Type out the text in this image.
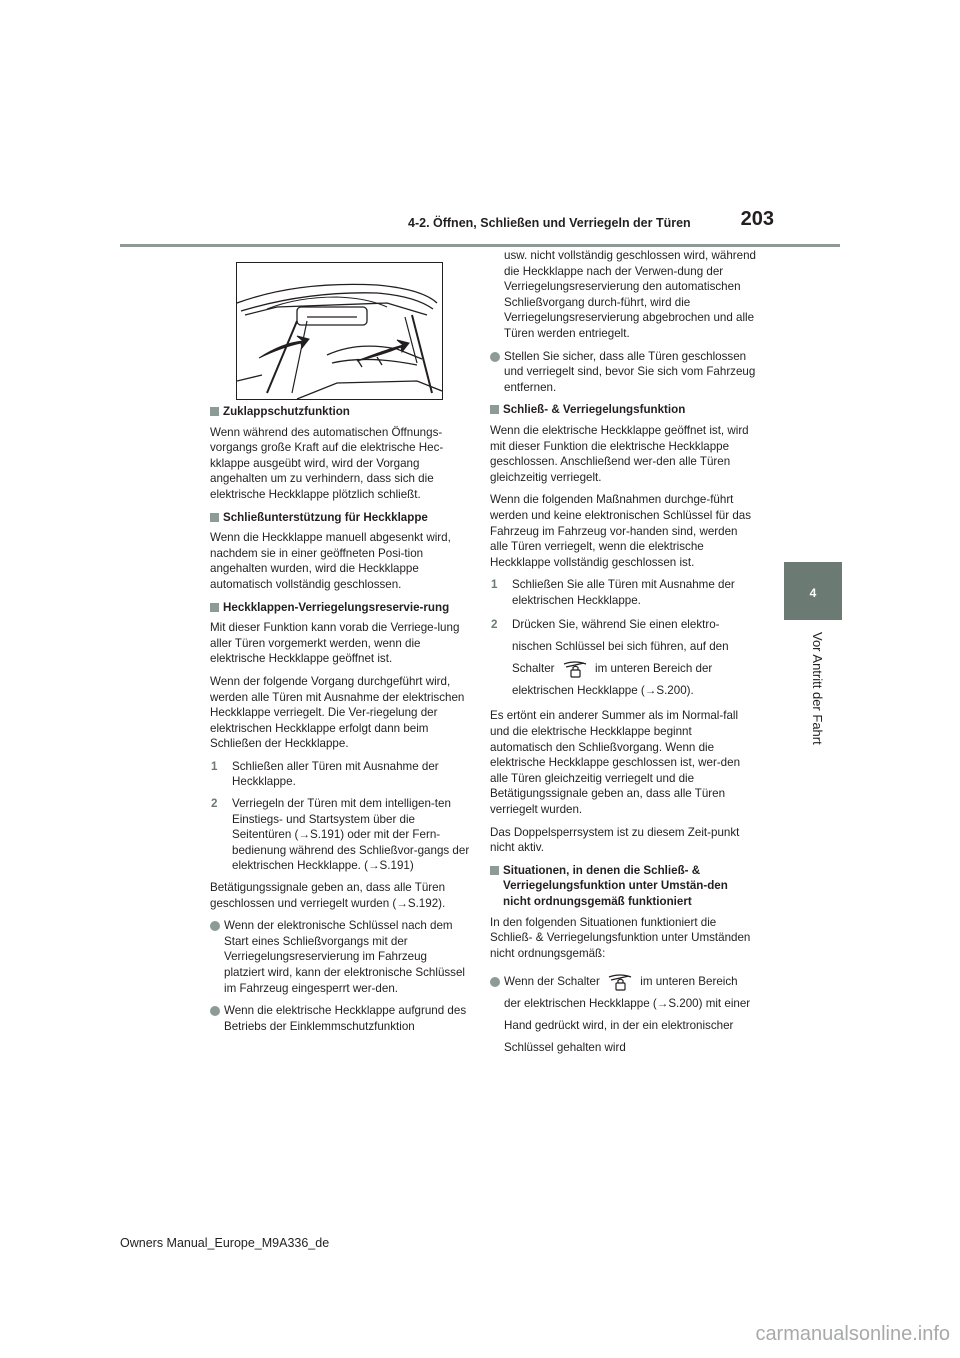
4-2. Öffnen, Schließen und Verriegeln der Türen	203
4
Vor Antritt der Fahrt
Zuklappschutzfunktion

Wenn während des automatischen Öffnungs-vorgangs große Kraft auf die elektrische Hec-kklappe ausgeübt wird, wird der Vorgang angehalten um zu verhindern, dass sich die elektrische Heckklappe plötzlich schließt.

Schließunterstützung für Heckklappe

Wenn die Heckklappe manuell abgesenkt wird, nachdem sie in einer geöffneten Posi-tion angehalten wurden, wird die Heckklappe automatisch vollständig geschlossen.

Heckklappen-Verriegelungsreservie-rung

Mit dieser Funktion kann vorab die Verriege-lung aller Türen vorgemerkt werden, wenn die elektrische Heckklappe geöffnet ist.

Wenn der folgende Vorgang durchgeführt wird, werden alle Türen mit Ausnahme der elektrischen Heckklappe verriegelt. Die Ver-riegelung der elektrischen Heckklappe erfolgt dann beim Schließen der Heckklappe.

1 Schließen aller Türen mit Ausnahme der Heckklappe.
2 Verriegeln der Türen mit dem intelligen-ten Einstiegs- und Startsystem über die Seitentüren (→S.191) oder mit der Fern-bedienung während des Schließvor-gangs der elektrischen Heckklappe. (→S.191)

Betätigungssignale geben an, dass alle Türen geschlossen und verriegelt wurden (→S.192).

Wenn der elektronische Schlüssel nach dem Start eines Schließvorgangs mit der Verriegelungsreservierung im Fahrzeug platziert wird, kann der elektronische Schlüssel im Fahrzeug eingesperrt wer-den.
Wenn die elektrische Heckklappe aufgrund des Betriebs der Einklemmschutzfunktion

usw. nicht vollständig geschlossen wird, während die Heckklappe nach der Verwen-dung der Verriegelungsreservierung den automatischen Schließvorgang durch-führt, wird die Verriegelungsreservierung abgebrochen und alle Türen werden entriegelt.

Stellen Sie sicher, dass alle Türen geschlossen und verriegelt sind, bevor Sie sich vom Fahrzeug entfernen.
Schließ- & Verriegelungsfunktion

Wenn die elektrische Heckklappe geöffnet ist, wird mit dieser Funktion die elektrische Heckklappe geschlossen. Anschließend wer-den alle Türen gleichzeitig verriegelt.

Wenn die folgenden Maßnahmen durchge-führt werden und keine elektronischen Schlüssel für das Fahrzeug im Fahrzeug vor-handen sind, werden alle Türen verriegelt, wenn die elektrische Heckklappe vollständig geschlossen ist.

1 Schließen Sie alle Türen mit Ausnahme der elektrischen Heckklappe.
2 Drücken Sie, während Sie einen elektro-nischen Schlüssel bei sich führen, auf den Schalter	im unteren Bereich der elektrischen Heckklappe (→S.200).

Es ertönt ein anderer Summer als im Normal-fall und die elektrische Heckklappe beginnt automatisch den Schließvorgang. Wenn die elektrische Heckklappe geschlossen ist, wer-den alle Türen gleichzeitig verriegelt und die Betätigungssignale geben an, dass alle Türen verriegelt wurden.

Das Doppelsperrsystem ist zu diesem Zeit-punkt nicht aktiv.

Situationen, in denen die Schließ- & Verriegelungsfunktion unter Umstän-den nicht ordnungsgemäß funktioniert

In den folgenden Situationen funktioniert die Schließ- & Verriegelungsfunktion unter Umständen nicht ordnungsgemäß:

Wenn der Schalter	im unteren Bereich der elektrischen Heckklappe (→S.200) mit einer Hand gedrückt wird, in der ein elektronischer Schlüssel gehalten wird
Owners Manual_Europe_M9A336_de
carmanualsonline.info
